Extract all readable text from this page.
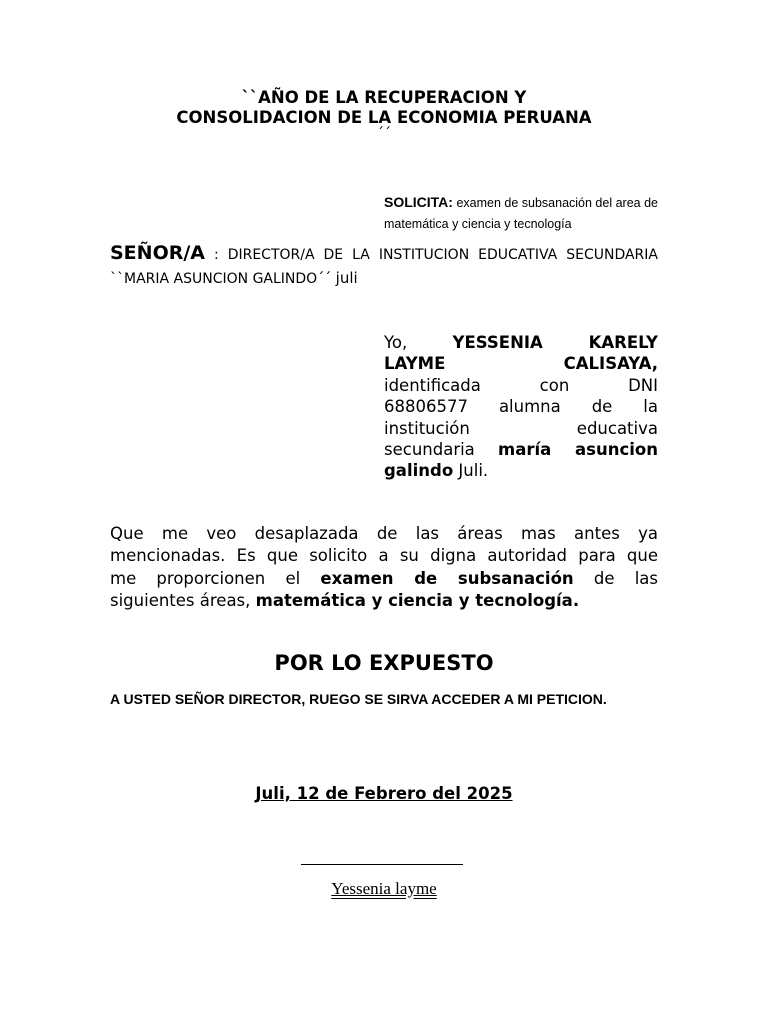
``AÑO DE LA RECUPERACION Y
CONSOLIDACION DE LA ECONOMIA PERUANA
´´
SOLICITA: examen de subsanación del area de matemática y ciencia y tecnología
SEÑOR/A : DIRECTOR/A DE LA INSTITUCION EDUCATIVA SECUNDARIA ``MARIA ASUNCION GALINDO´´ juli
Yo,	YESSENIA KARELY
LAYME CALISAYA,
identificada con DNI
68806577 alumna de la
institución educativa
secundaria maría asuncion
galindo Juli.
Que me veo desaplazada de las áreas mas antes ya
mencionadas. Es que solicito a su digna autoridad para que
me proporcionen el examen de subsanación de las
siguientes áreas, matemática y ciencia y tecnología.
POR LO EXPUESTO
A USTED SEÑOR DIRECTOR, RUEGO SE SIRVA ACCEDER A MI PETICION.
Juli, 12 de Febrero del 2025
Yessenia layme
